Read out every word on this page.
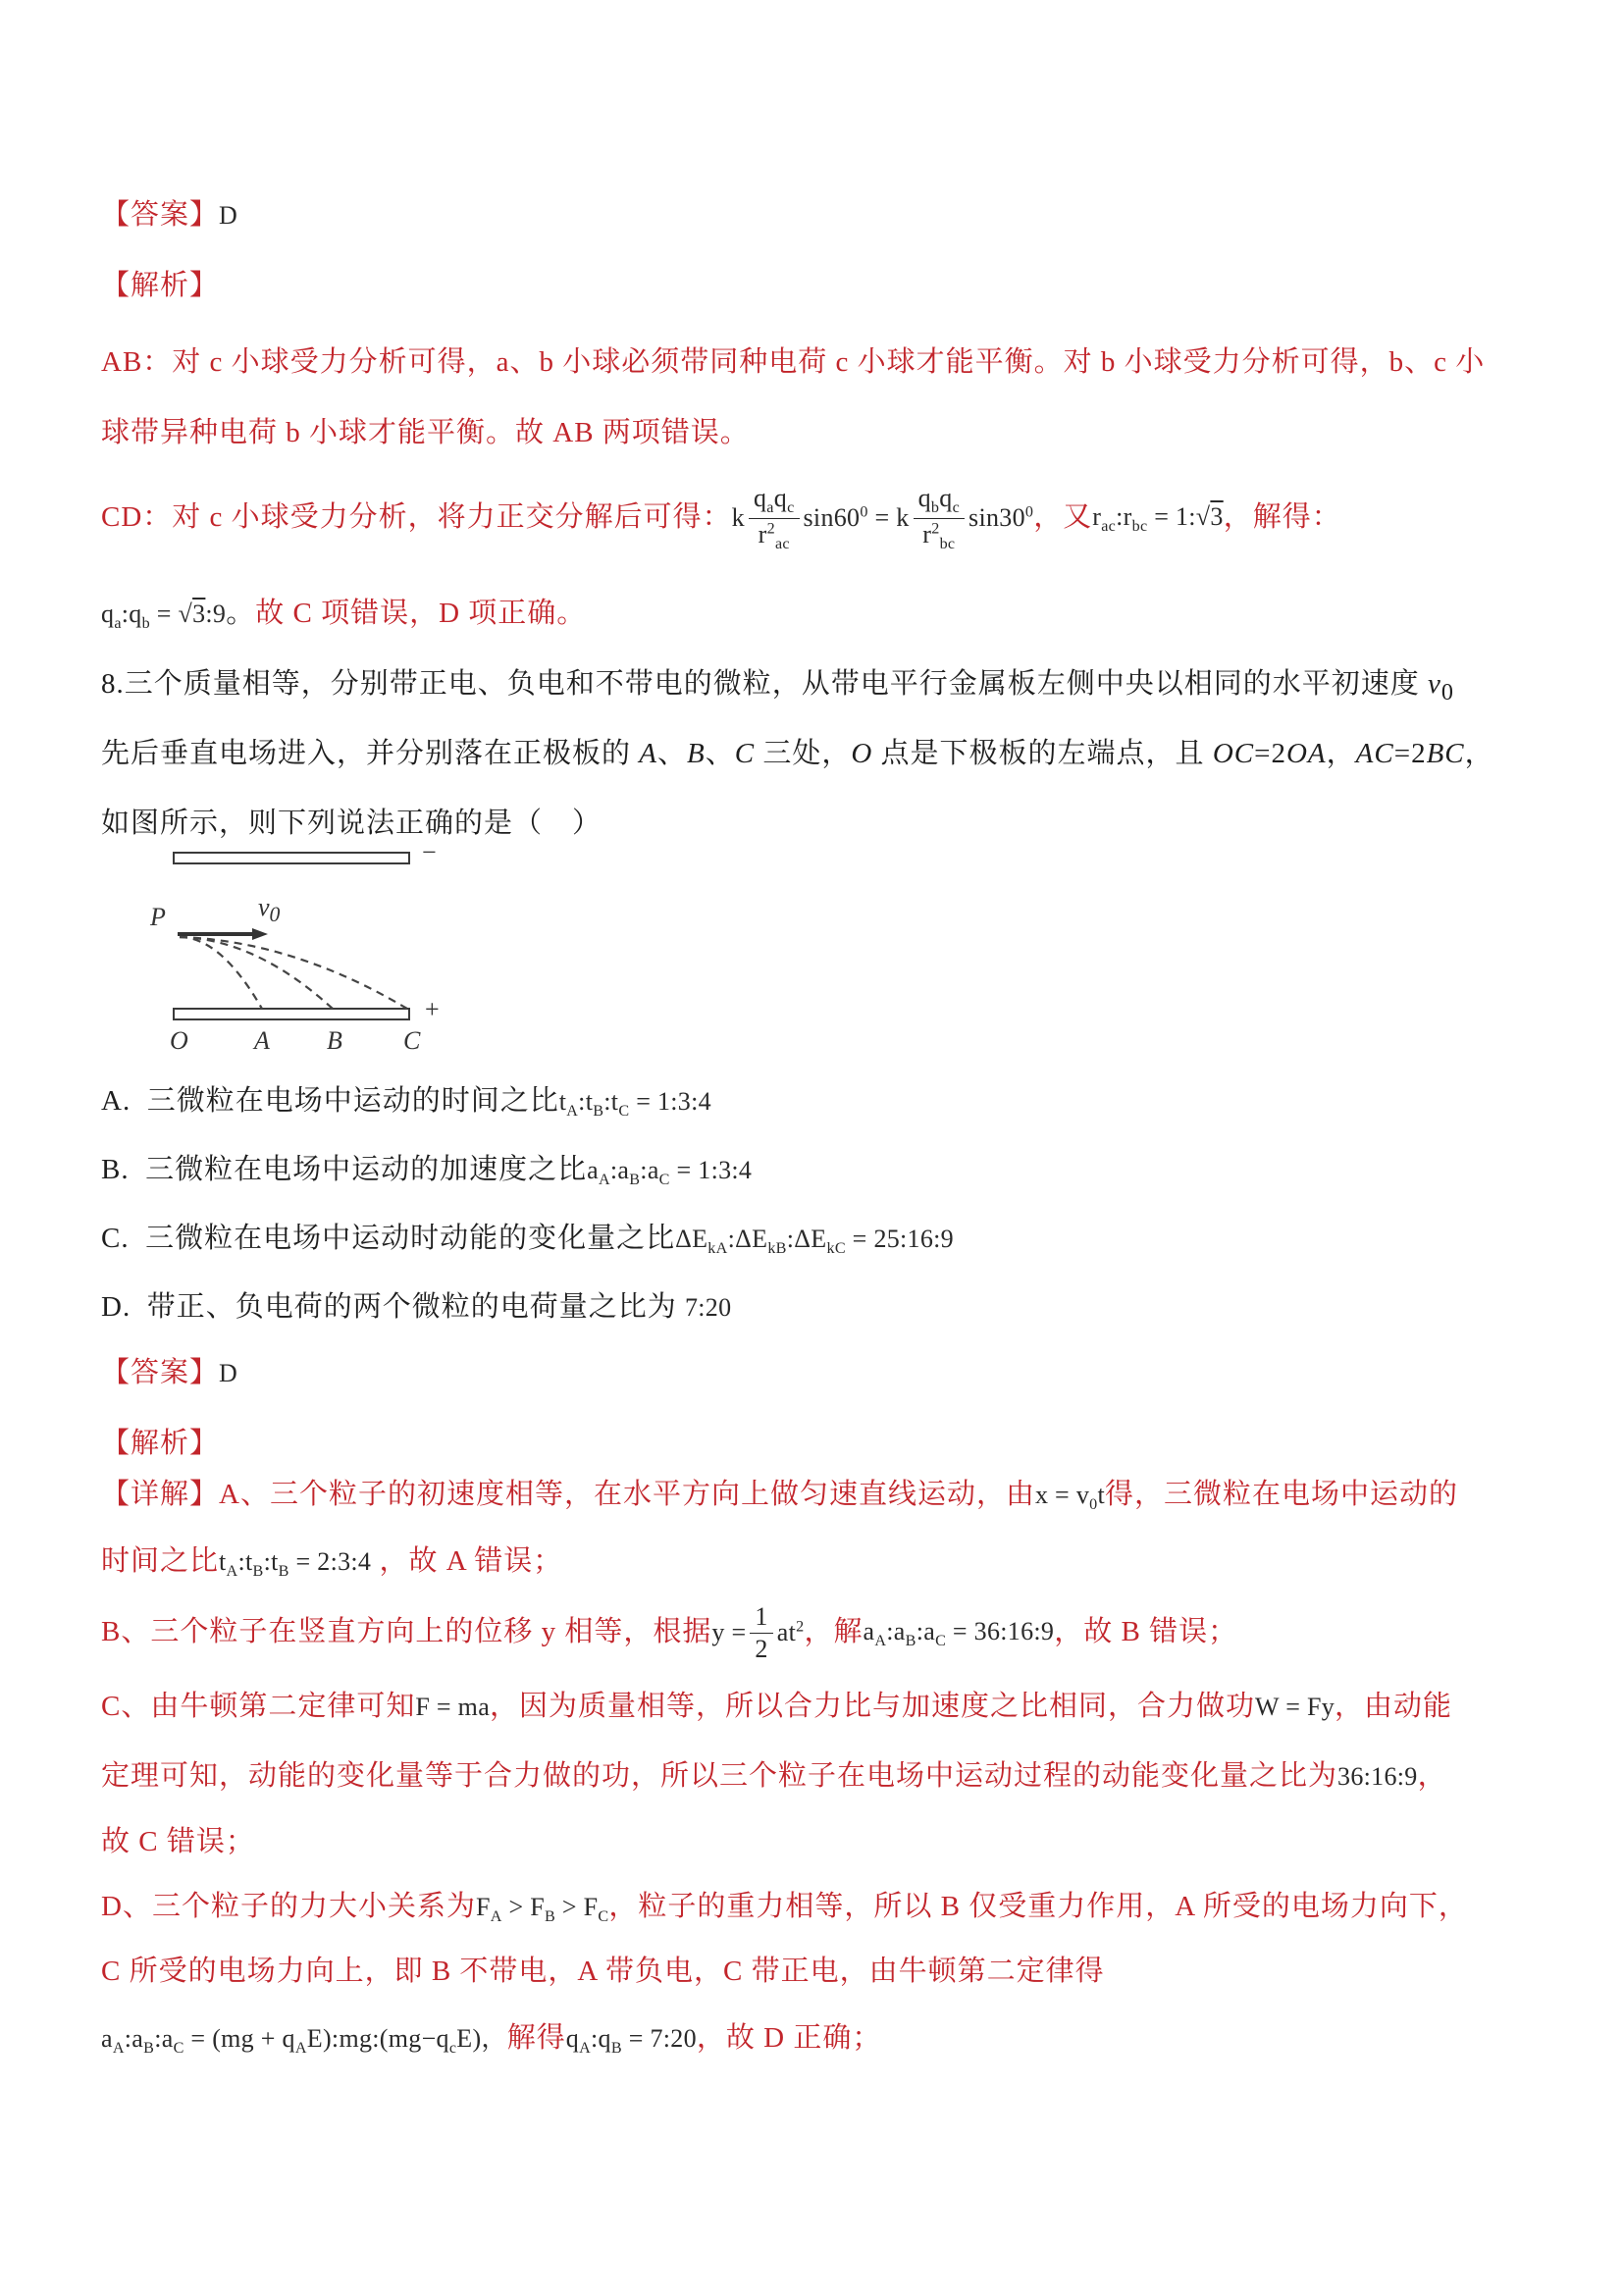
【答案】D
【解析】
AB：对 c 小球受力分析可得，a、b 小球必须带同种电荷 c 小球才能平衡。对 b 小球受力分析可得，b、c 小
球带异种电荷 b 小球才能平衡。故 AB 两项错误。
CD：对 c 小球受力分析，将力正交分解后可得： k $\frac{q_aq_c}{r^2_{ac}} \sin 60^0 = k \frac{q_bq_c}{r^2_{bc}} \sin 30^0$ ，又 $r_{ac}:r_{bc}$ = 1:√3 ，解得：
$q_a:q_b$ = √3:9。故 C 项错误，D 项正确。
8.三个质量相等，分别带正电、负电和不带电的微粒，从带电平行金属板左侧中央以相同的水平初速度 $v_0$
先后垂直电场进入，并分别落在正极板的 A、B、C 三处，O 点是下极板的左端点，且 OC=2OA，AC=2BC，
如图所示，则下列说法正确的是（　）
−
+
P	$v_0$
O	A B C
A.  三微粒在电场中运动的时间之比$t_A:t_B:t_C$ = 1:3:4
B.  三微粒在电场中运动的加速度之比$a_A:a_B:a_C$ = 1:3:4
C.  三微粒在电场中运动时动能的变化量之比$\Delta E_{kA}:\Delta E_{kB}:\Delta E_{kC}$ = 25:16:9
D.  带正、负电荷的两个微粒的电荷量之比为 7:20
【答案】D
【解析】
【详解】A、三个粒子的初速度相等，在水平方向上做匀速直线运动，由$x = v_0t$得，三微粒在电场中运动的
时间之比$t_A:t_B:t_B$ = 2:3:4 ，故 A 错误；
B、三个粒子在竖直方向上的位移 y 相等，根据 $y = \frac{1}{2} at^2$ ，解 $a_A:a_B:a_C$ = 36:16:9 ，故 B 错误；
C、由牛顿第二定律可知F = ma，因为质量相等，所以合力比与加速度之比相同，合力做功W = Fy，由动能
定理可知，动能的变化量等于合力做的功，所以三个粒子在电场中运动过程的动能变化量之比为36:16:9，
故 C 错误；
D、三个粒子的力大小关系为$F_A > F_B > F_C$，粒子的重力相等，所以 B 仅受重力作用，A 所受的电场力向下，
C 所受的电场力向上，即 B 不带电，A 带负电，C 带正电，由牛顿第二定律得
$a_A:a_B:a_C = (mg$ + $q_AE):mg:(mg-q_cE)$，解得$q_A:q_B$ = 7:20，故 D 正确；
